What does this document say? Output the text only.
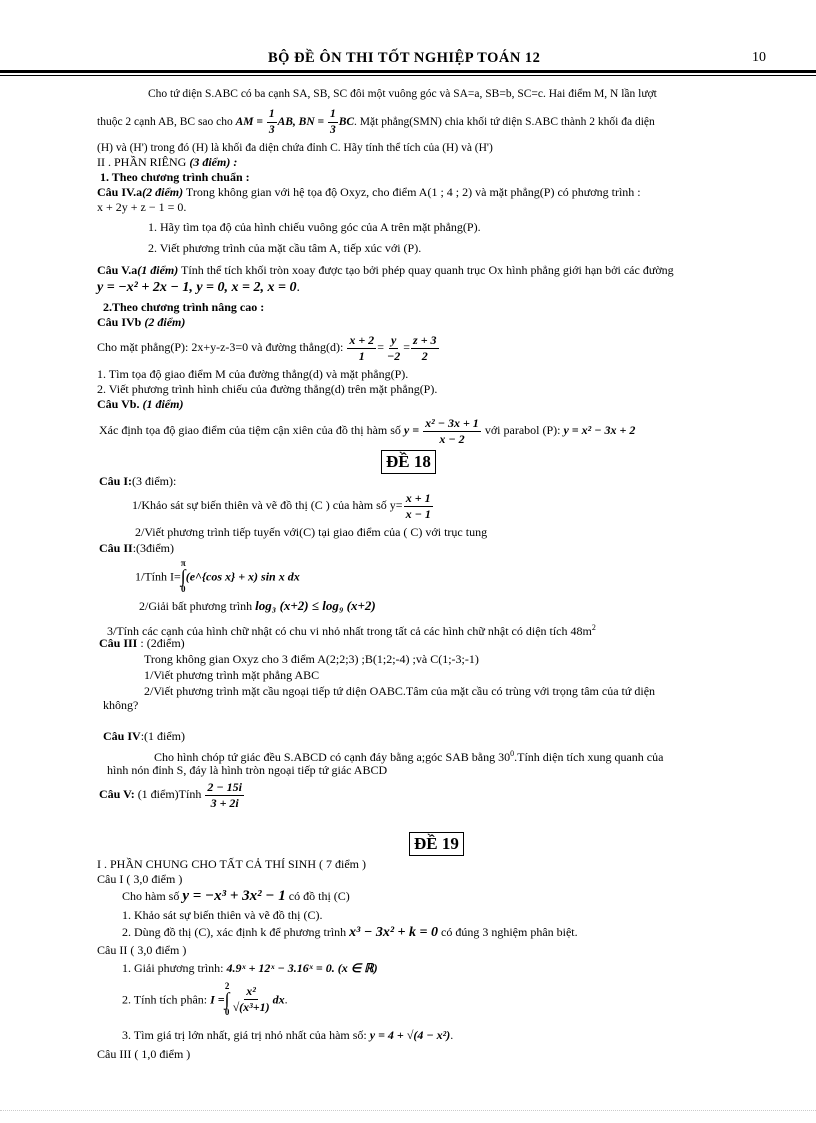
BỘ ĐỀ ÔN THI TỐT NGHIỆP TOÁN 12	10
Cho tứ diện S.ABC có ba cạnh SA, SB, SC đôi một vuông góc và SA=a, SB=b, SC=c. Hai điểm M, N lần lượt
thuộc 2 cạnh AB, BC sao cho AM = $\frac{1}{3}$ AB, BN = $\frac{1}{3}$ BC. Mặt phẳng(SMN) chia khối tứ diện S.ABC thành 2 khối đa diện
(H) và (H') trong đó (H) là khối đa diện chứa đỉnh C. Hãy tính thể tích của (H) và (H')
II . PHẦN RIÊNG (3 điểm) :
1. Theo chương trình chuẩn :
Câu IV.a(2 điểm) Trong không gian với hệ tọa độ Oxyz, cho điểm A(1 ; 4 ; 2) và mặt phẳng(P) có phương trình :
x + 2y + z − 1 = 0.
1. Hãy tìm tọa độ của hình chiếu vuông góc của A trên mặt phẳng(P).
2. Viết phương trình của mặt cầu tâm A, tiếp xúc với (P).
Câu V.a(1 điểm) Tính thể tích khối tròn xoay được tạo bởi phép quay quanh trục Ox hình phẳng giới hạn bởi các đường
y = −x² + 2x − 1, y = 0, x = 2, x = 0.
2.Theo chương trình nâng cao :
Câu IVb (2 điểm)
Cho mặt phẳng(P): 2x+y-z-3=0 và đường thẳng(d): $\frac{x + 2}{1} = \frac{y}{-2} = \frac{z + 3}{2}$
1. Tìm tọa độ giao điểm M của đường thẳng(d) và mặt phẳng(P).
2. Viết phương trình hình chiếu của đường thẳng(d) trên mặt phẳng(P).
Câu Vb. (1 điểm)
Xác định tọa độ giao điểm của tiệm cận xiên của đồ thị hàm số $y = \frac{\text{x² − 3x + 1}}{x - 2}$ với parabol (P): y = x² − 3x + 2
ĐỀ 18
Câu I:(3 điểm):
1/Khảo sát sự biến thiên và vẽ đồ thị (C ) của hàm số $y= \frac{x + 1}{x - 1}$
2/Viết phương trình tiếp tuyến với(C) tại giao điểm của ( C) với trục tung
Câu II:(3điểm)
1/Tính I=
π
∫
0
(e^{cos x} + x) sin x dx
2/Giải bất phương trình log₃ (x+2) ≤ log₉ (x+2)
3/Tính các cạnh của hình chữ nhật có chu vi nhỏ nhất trong tất cả các hình chữ nhật có diện tích $48m^2$
Câu III : (2điểm)
Trong không gian Oxyz cho 3 điểm A(2;2;3) ;B(1;2;-4) ;và C(1;-3;-1)
1/Viết phương trình mặt phẳng ABC
2/Viết phương trình mặt cầu ngoại tiếp tứ diện OABC.Tâm của mặt cầu có trùng với trọng tâm của tứ diện
không?
Câu IV:(1 điểm)
Cho hình chóp tứ giác đều S.ABCD có cạnh đáy bằng a;góc SAB bằng $30^0.Tính$ diện tích xung quanh của
hình nón đỉnh S, đáy là hình tròn ngoại tiếp tứ giác ABCD
Câu V: (1 điểm)Tính $\frac{2 - 15i}{3 + 2i}$
ĐỀ 19
I . PHẦN CHUNG CHO TẤT CẢ THÍ SINH ( 7 điểm )
Câu I ( 3,0 điểm )
Cho hàm số y = −x³ + 3x² − 1 có đồ thị (C)
1. Khảo sát sự biến thiên và vẽ đồ thị (C).
2. Dùng đồ thị (C), xác định k để phương trình x³ − 3x² + k = 0 có đúng 3 nghiệm phân biệt.
Câu II ( 3,0 điểm )
1. Giải phương trình: 4.9ˣ + 12ˣ − 3.16ˣ = 0. (x ∈ ℝ)
2. Tính tích phân: I =
2
∫
$0 \frac{\text{x²}}{\text{√(x³+1)}}$ dx.
3. Tìm giá trị lớn nhất, giá trị nhỏ nhất của hàm số: y = 4 + √(4 − x²).
Câu III ( 1,0 điểm )
